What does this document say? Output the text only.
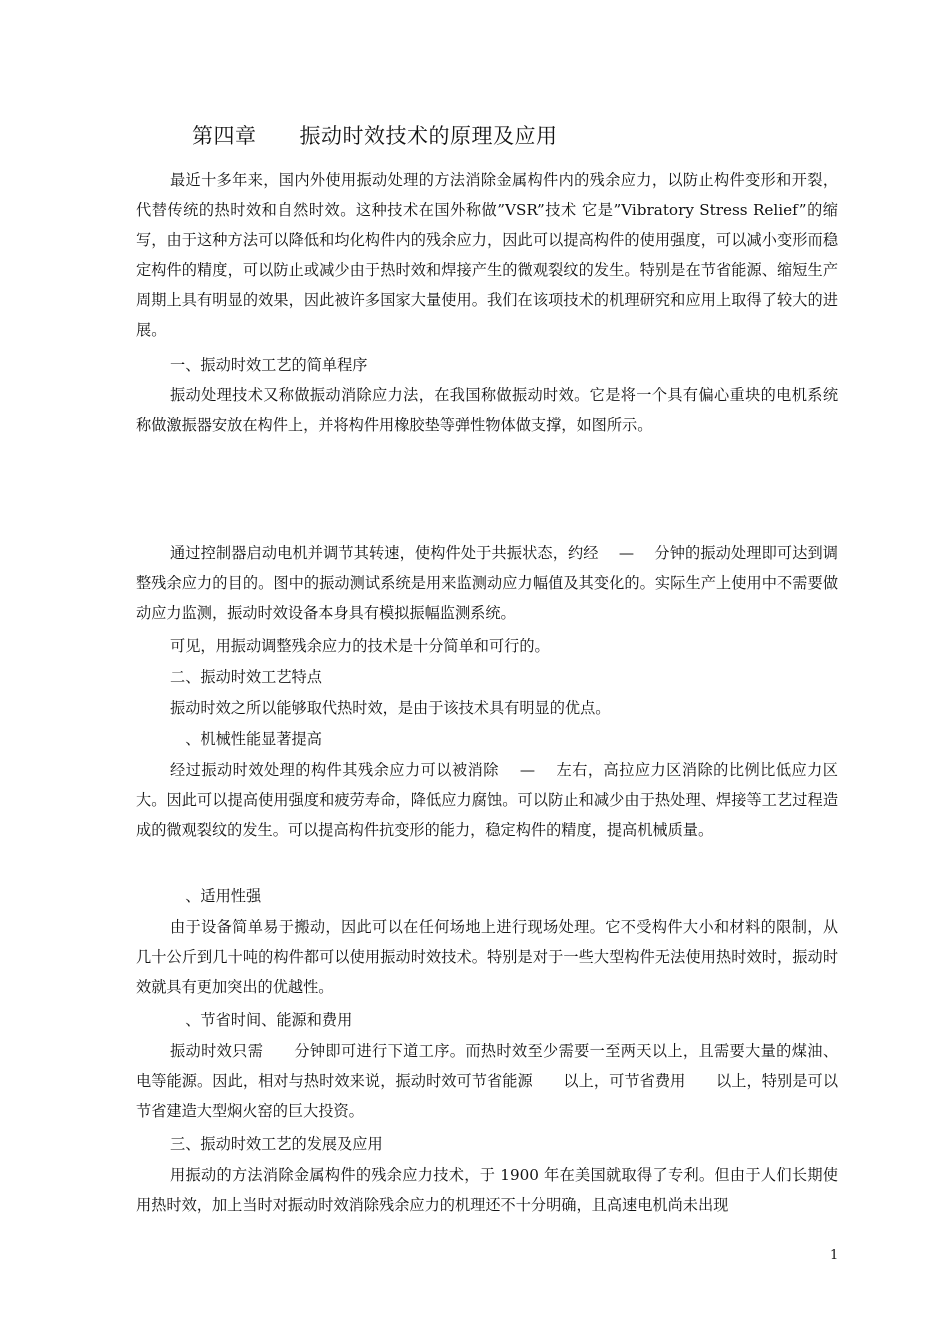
第四章　　振动时效技术的原理及应用

最近十多年来，国内外使用振动处理的方法消除金属构件内的残余应力，以防止构件变形和开裂，代替传统的热时效和自然时效。这种技术在国外称做”VSR”技术 它是”Vibratory Stress Relief”的缩写，由于这种方法可以降低和均化构件内的残余应力，因此可以提高构件的使用强度，可以减小变形而稳定构件的精度，可以防止或减少由于热时效和焊接产生的微观裂纹的发生。特别是在节省能源、缩短生产周期上具有明显的效果，因此被许多国家大量使用。我们在该项技术的机理研究和应用上取得了较大的进展。

一、振动时效工艺的简单程序

振动处理技术又称做振动消除应力法，在我国称做振动时效。它是将一个具有偏心重块的电机系统称做激振器安放在构件上，并将构件用橡胶垫等弹性物体做支撑，如图所示。

通过控制器启动电机并调节其转速，使构件处于共振状态，约经　 —　 分钟的振动处理即可达到调整残余应力的目的。图中的振动测试系统是用来监测动应力幅值及其变化的。实际生产上使用中不需要做动应力监测，振动时效设备本身具有模拟振幅监测系统。

可见，用振动调整残余应力的技术是十分简单和可行的。
二、振动时效工艺特点
振动时效之所以能够取代热时效，是由于该技术具有明显的优点。
　、机械性能显著提高

经过振动时效处理的构件其残余应力可以被消除　 —　 左右，高拉应力区消除的比例比低应力区大。因此可以提高使用强度和疲劳寿命，降低应力腐蚀。可以防止和减少由于热处理、焊接等工艺过程造成的微观裂纹的发生。可以提高构件抗变形的能力，稳定构件的精度，提高机械质量。

　、适用性强

由于设备简单易于搬动，因此可以在任何场地上进行现场处理。它不受构件大小和材料的限制，从几十公斤到几十吨的构件都可以使用振动时效技术。特别是对于一些大型构件无法使用热时效时，振动时效就具有更加突出的优越性。

　、节省时间、能源和费用

振动时效只需　　分钟即可进行下道工序。而热时效至少需要一至两天以上，且需要大量的煤油、电等能源。因此，相对与热时效来说，振动时效可节省能源　　以上，可节省费用　　以上，特别是可以节省建造大型焖火窑的巨大投资。

三、振动时效工艺的发展及应用

用振动的方法消除金属构件的残余应力技术，于 1900 年在美国就取得了专利。但由于人们长期使用热时效，加上当时对振动时效消除残余应力的机理还不十分明确，且高速电机尚未出现

1
